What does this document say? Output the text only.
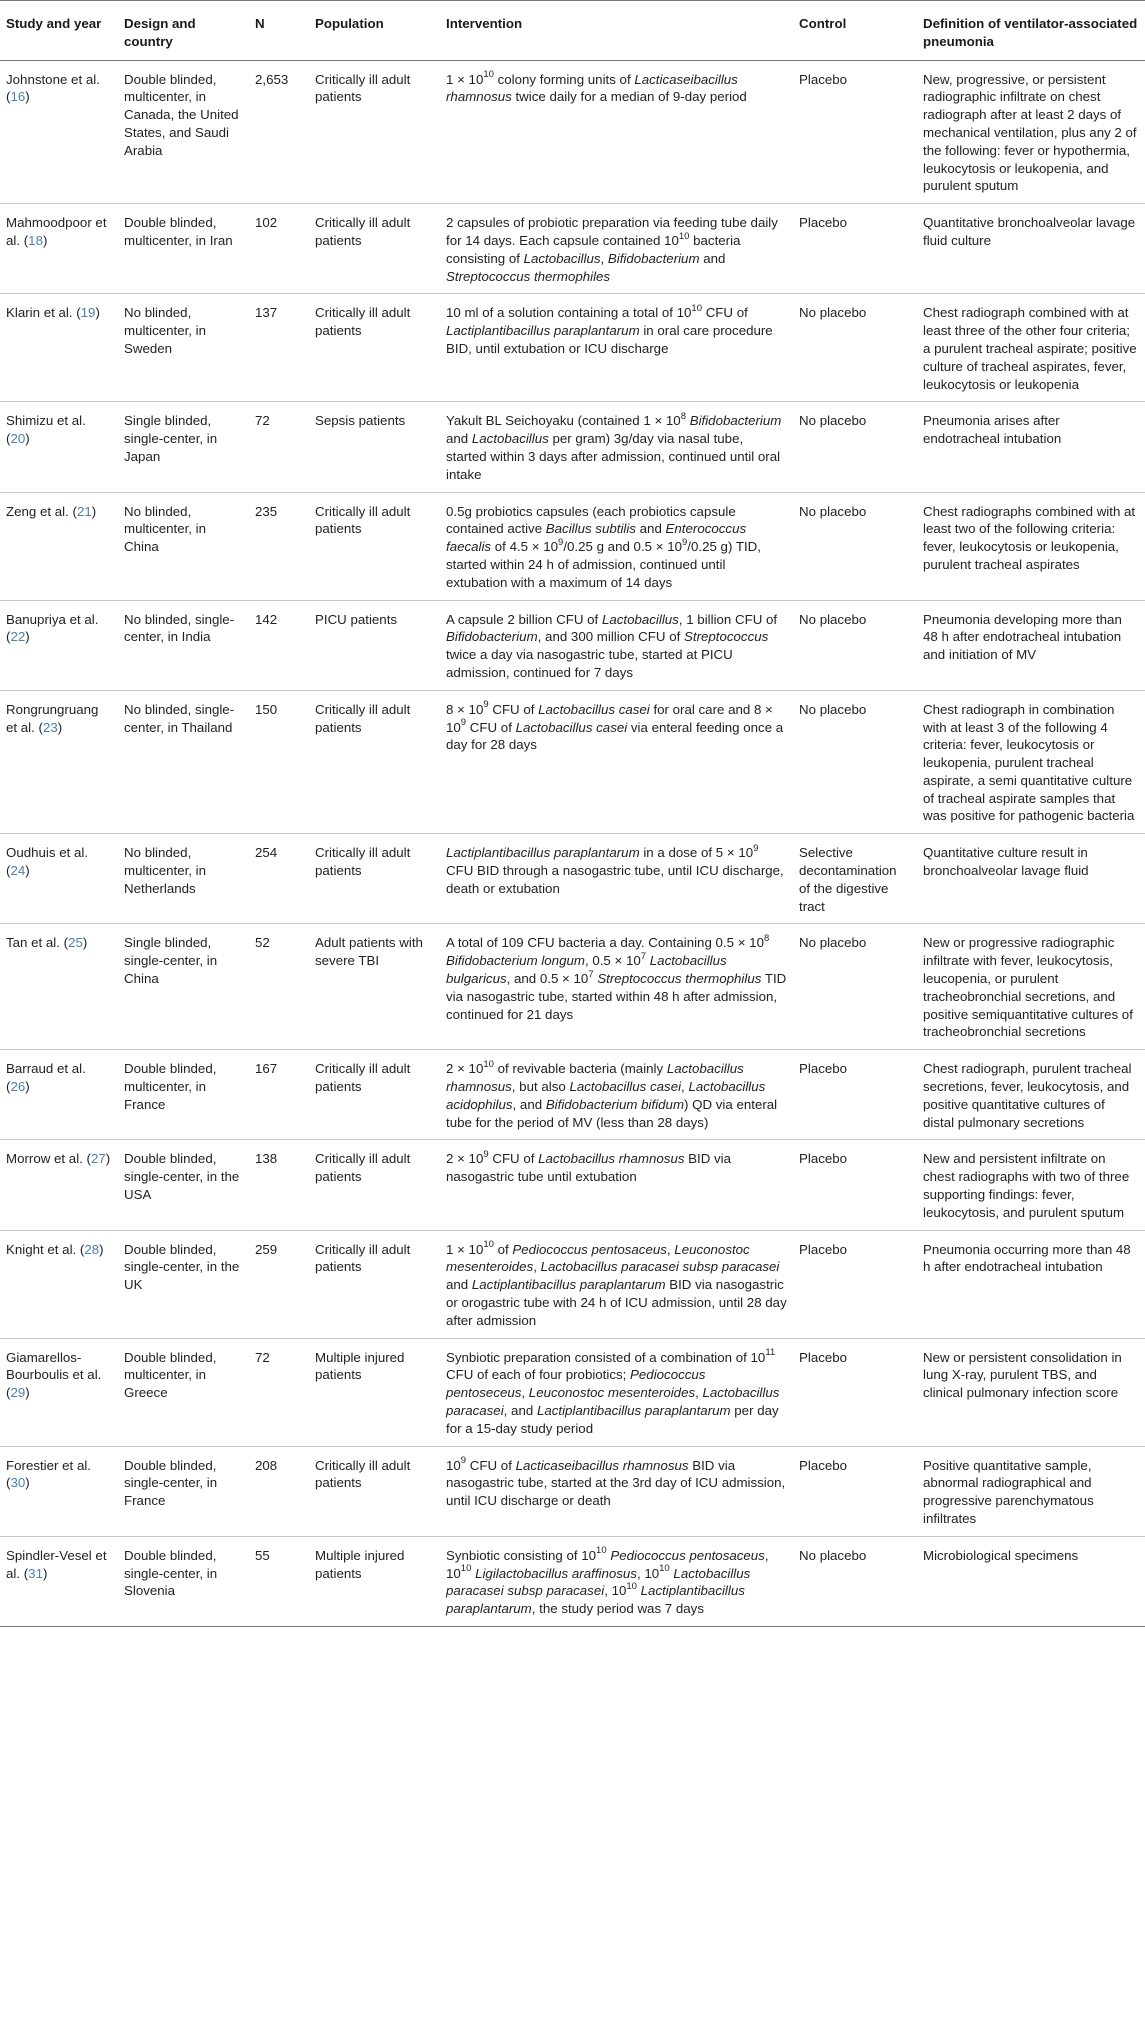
Study and year	Design and country	N	Population	Intervention	Control	Definition of ventilator-associated pneumonia
Johnstone et al. (16)	Double blinded, multicenter, in Canada, the United States, and Saudi Arabia	2,653	Critically ill adult patients	$1 \times 10^{10}$ colony forming units of Lacticaseibacillus rhamnosus twice daily for a median of 9-day period	Placebo	New, progressive, or persistent radiographic infiltrate on chest radiograph after at least 2 days of mechanical ventilation, plus any 2 of the following: fever or hypothermia, leukocytosis or leukopenia, and purulent sputum
Mahmoodpoor et al. (18)	Double blinded, multicenter, in Iran	102	Critically ill adult patients	2 capsules of probiotic preparation via feeding tube daily for 14 days. Each capsule contained $10^{10}$ bacteria consisting of Lactobacillus, Bifidobacterium and Streptococcus thermophiles	Placebo	Quantitative bronchoalveolar lavage fluid culture
Klarin et al. (19)	No blinded, multicenter, in Sweden	137	Critically ill adult patients	10 ml of a solution containing a total of $10^{10}$ CFU of Lactiplantibacillus paraplantarum in oral care procedure BID, until extubation or ICU discharge	No placebo	Chest radiograph combined with at least three of the other four criteria; a purulent tracheal aspirate; positive culture of tracheal aspirates, fever, leukocytosis or leukopenia
Shimizu et al. (20)	Single blinded, single-center, in Japan	72	Sepsis patients	Yakult BL Seichoyaku (contained $1 \times 10^8$ Bifidobacterium and Lactobacillus per gram) 3g/day via nasal tube, started within 3 days after admission, continued until oral intake	No placebo	Pneumonia arises after endotracheal intubation
Zeng et al. (21)	No blinded, multicenter, in China	235	Critically ill adult patients	0.5g probiotics capsules (each probiotics capsule contained active Bacillus subtilis and Enterococcus faecalis of $4.5 \times 10^9/0.25$ g and $0.5 \times 10^9/0.25$ g) TID, started within 24 h of admission, continued until extubation with a maximum of 14 days	No placebo	Chest radiographs combined with at least two of the following criteria: fever, leukocytosis or leukopenia, purulent tracheal aspirates
Banupriya et al. (22)	No blinded, single-center, in India	142	PICU patients	A capsule 2 billion CFU of Lactobacillus, 1 billion CFU of Bifidobacterium, and 300 million CFU of Streptococcus twice a day via nasogastric tube, started at PICU admission, continued for 7 days	No placebo	Pneumonia developing more than 48 h after endotracheal intubation and initiation of MV
Rongrungruang et al. (23)	No blinded, single-center, in Thailand	150	Critically ill adult patients	$8 \times 10^9$ CFU of Lactobacillus casei for oral care and $8 \times 10^9$ CFU of Lactobacillus casei via enteral feeding once a day for 28 days	No placebo	Chest radiograph in combination with at least 3 of the following 4 criteria: fever, leukocytosis or leukopenia, purulent tracheal aspirate, a semi quantitative culture of tracheal aspirate samples that was positive for pathogenic bacteria
Oudhuis et al. (24)	No blinded, multicenter, in Netherlands	254	Critically ill adult patients	Lactiplantibacillus paraplantarum in a dose of $5 \times 10^9$ CFU BID through a nasogastric tube, until ICU discharge, death or extubation	Selective decontamination of the digestive tract	Quantitative culture result in bronchoalveolar lavage fluid
Tan et al. (25)	Single blinded, single-center, in China	52	Adult patients with severe TBI	A total of 109 CFU bacteria a day. Containing $0.5 \times 10^8$ Bifidobacterium longum, $0.5 \times 10^7$ Lactobacillus bulgaricus, and $0.5 \times 10^7$ Streptococcus thermophilus TID via nasogastric tube, started within 48 h after admission, continued for 21 days	No placebo	New or progressive radiographic infiltrate with fever, leukocytosis, leucopenia, or purulent tracheobronchial secretions, and positive semiquantitative cultures of tracheobronchial secretions
Barraud et al. (26)	Double blinded, multicenter, in France	167	Critically ill adult patients	$2 \times 10^{10}$ of revivable bacteria (mainly Lactobacillus rhamnosus, but also Lactobacillus casei, Lactobacillus acidophilus, and Bifidobacterium bifidum) QD via enteral tube for the period of MV (less than 28 days)	Placebo	Chest radiograph, purulent tracheal secretions, fever, leukocytosis, and positive quantitative cultures of distal pulmonary secretions
Morrow et al. (27)	Double blinded, single-center, in the USA	138	Critically ill adult patients	$2 \times 10^9$ CFU of Lactobacillus rhamnosus BID via nasogastric tube until extubation	Placebo	New and persistent infiltrate on chest radiographs with two of three supporting findings: fever, leukocytosis, and purulent sputum
Knight et al. (28)	Double blinded, single-center, in the UK	259	Critically ill adult patients	$1 \times 10^{10}$ of Pediococcus pentosaceus, Leuconostoc mesenteroides, Lactobacillus paracasei subsp paracasei and Lactiplantibacillus paraplantarum BID via nasogastric or orogastric tube with 24 h of ICU admission, until 28 day after admission	Placebo	Pneumonia occurring more than 48 h after endotracheal intubation
Giamarellos-Bourboulis et al. (29)	Double blinded, multicenter, in Greece	72	Multiple injured patients	Synbiotic preparation consisted of a combination of $10^{11}$ CFU of each of four probiotics; Pediococcus pentoseceus, Leuconostoc mesenteroides, Lactobacillus paracasei, and Lactiplantibacillus paraplantarum per day for a 15-day study period	Placebo	New or persistent consolidation in lung X-ray, purulent TBS, and clinical pulmonary infection score
Forestier et al. (30)	Double blinded, single-center, in France	208	Critically ill adult patients	$10^9$ CFU of Lacticaseibacillus rhamnosus BID via nasogastric tube, started at the 3rd day of ICU admission, until ICU discharge or death	Placebo	Positive quantitative sample, abnormal radiographical and progressive parenchymatous infiltrates
Spindler-Vesel et al. (31)	Double blinded, single-center, in Slovenia	55	Multiple injured patients	Synbiotic consisting of $10^{10}$ Pediococcus pentosaceus, $10^{10}$ Ligilactobacillus araffinosus, $10^{10}$ Lactobacillus paracasei subsp paracasei, $10^{10}$ Lactiplantibacillus paraplantarum, the study period was 7 days	No placebo	Microbiological specimens
